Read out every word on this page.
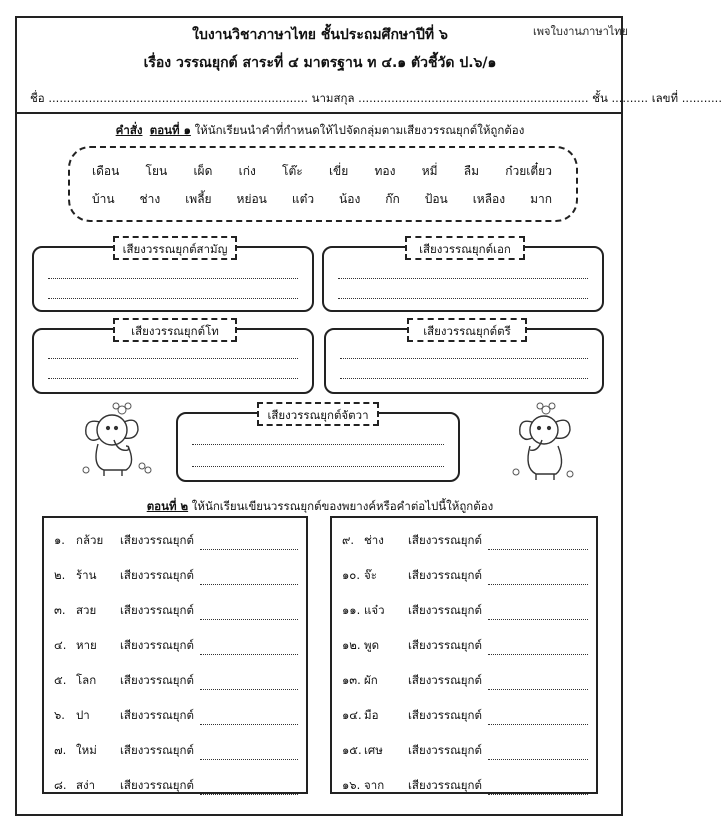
เพจใบงานภาษาไทย
ใบงานวิชาภาษาไทย ชั้นประถมศึกษาปีที่ ๖
เรื่อง วรรณยุกต์ สาระที่ ๔ มาตรฐาน ท ๔.๑ ตัวชี้วัด ป.๖/๑
ชื่อ ....................................................................... นามสกุล ............................................................... ชั้น .......... เลขที่ ...........
คำสั่ง ตอนที่ ๑ ให้นักเรียนนำคำที่กำหนดให้ไปจัดกลุ่มตามเสียงวรรณยุกต์ให้ถูกต้อง
เดือน โยน เผ็ด เก่ง โต๊ะ เขี่ย ทอง หมี่ ลืม ก๋วยเตี๋ยว
บ้าน ช่าง เพลี้ย หย่อน แต๋ว น้อง ก๊ก ป้อน เหลือง มาก
เสียงวรรณยุกต์สามัญ	เสียงวรรณยุกต์เอก
เสียงวรรณยุกต์โท	เสียงวรรณยุกต์ตรี
เสียงวรรณยุกต์จัตวา
ตอนที่ ๒ ให้นักเรียนเขียนวรรณยุกต์ของพยางค์หรือคำต่อไปนี้ให้ถูกต้อง
๑. กล้วย	เสียงวรรณยุกต์
๒. ร้าน	เสียงวรรณยุกต์
๓. สวย	เสียงวรรณยุกต์
๔. หาย	เสียงวรรณยุกต์
๕. โลก	เสียงวรรณยุกต์
๖. ปา	เสียงวรรณยุกต์
๗. ใหม่	เสียงวรรณยุกต์
๘. สง่า	เสียงวรรณยุกต์
๙. ช่าง	เสียงวรรณยุกต์
๑๐. จ๊ะ	เสียงวรรณยุกต์
๑๑. แจ๋ว	เสียงวรรณยุกต์
๑๒. พูด	เสียงวรรณยุกต์
๑๓. ผัก	เสียงวรรณยุกต์
๑๔. มือ	เสียงวรรณยุกต์
๑๕. เศษ	เสียงวรรณยุกต์
๑๖. จาก	เสียงวรรณยุกต์
